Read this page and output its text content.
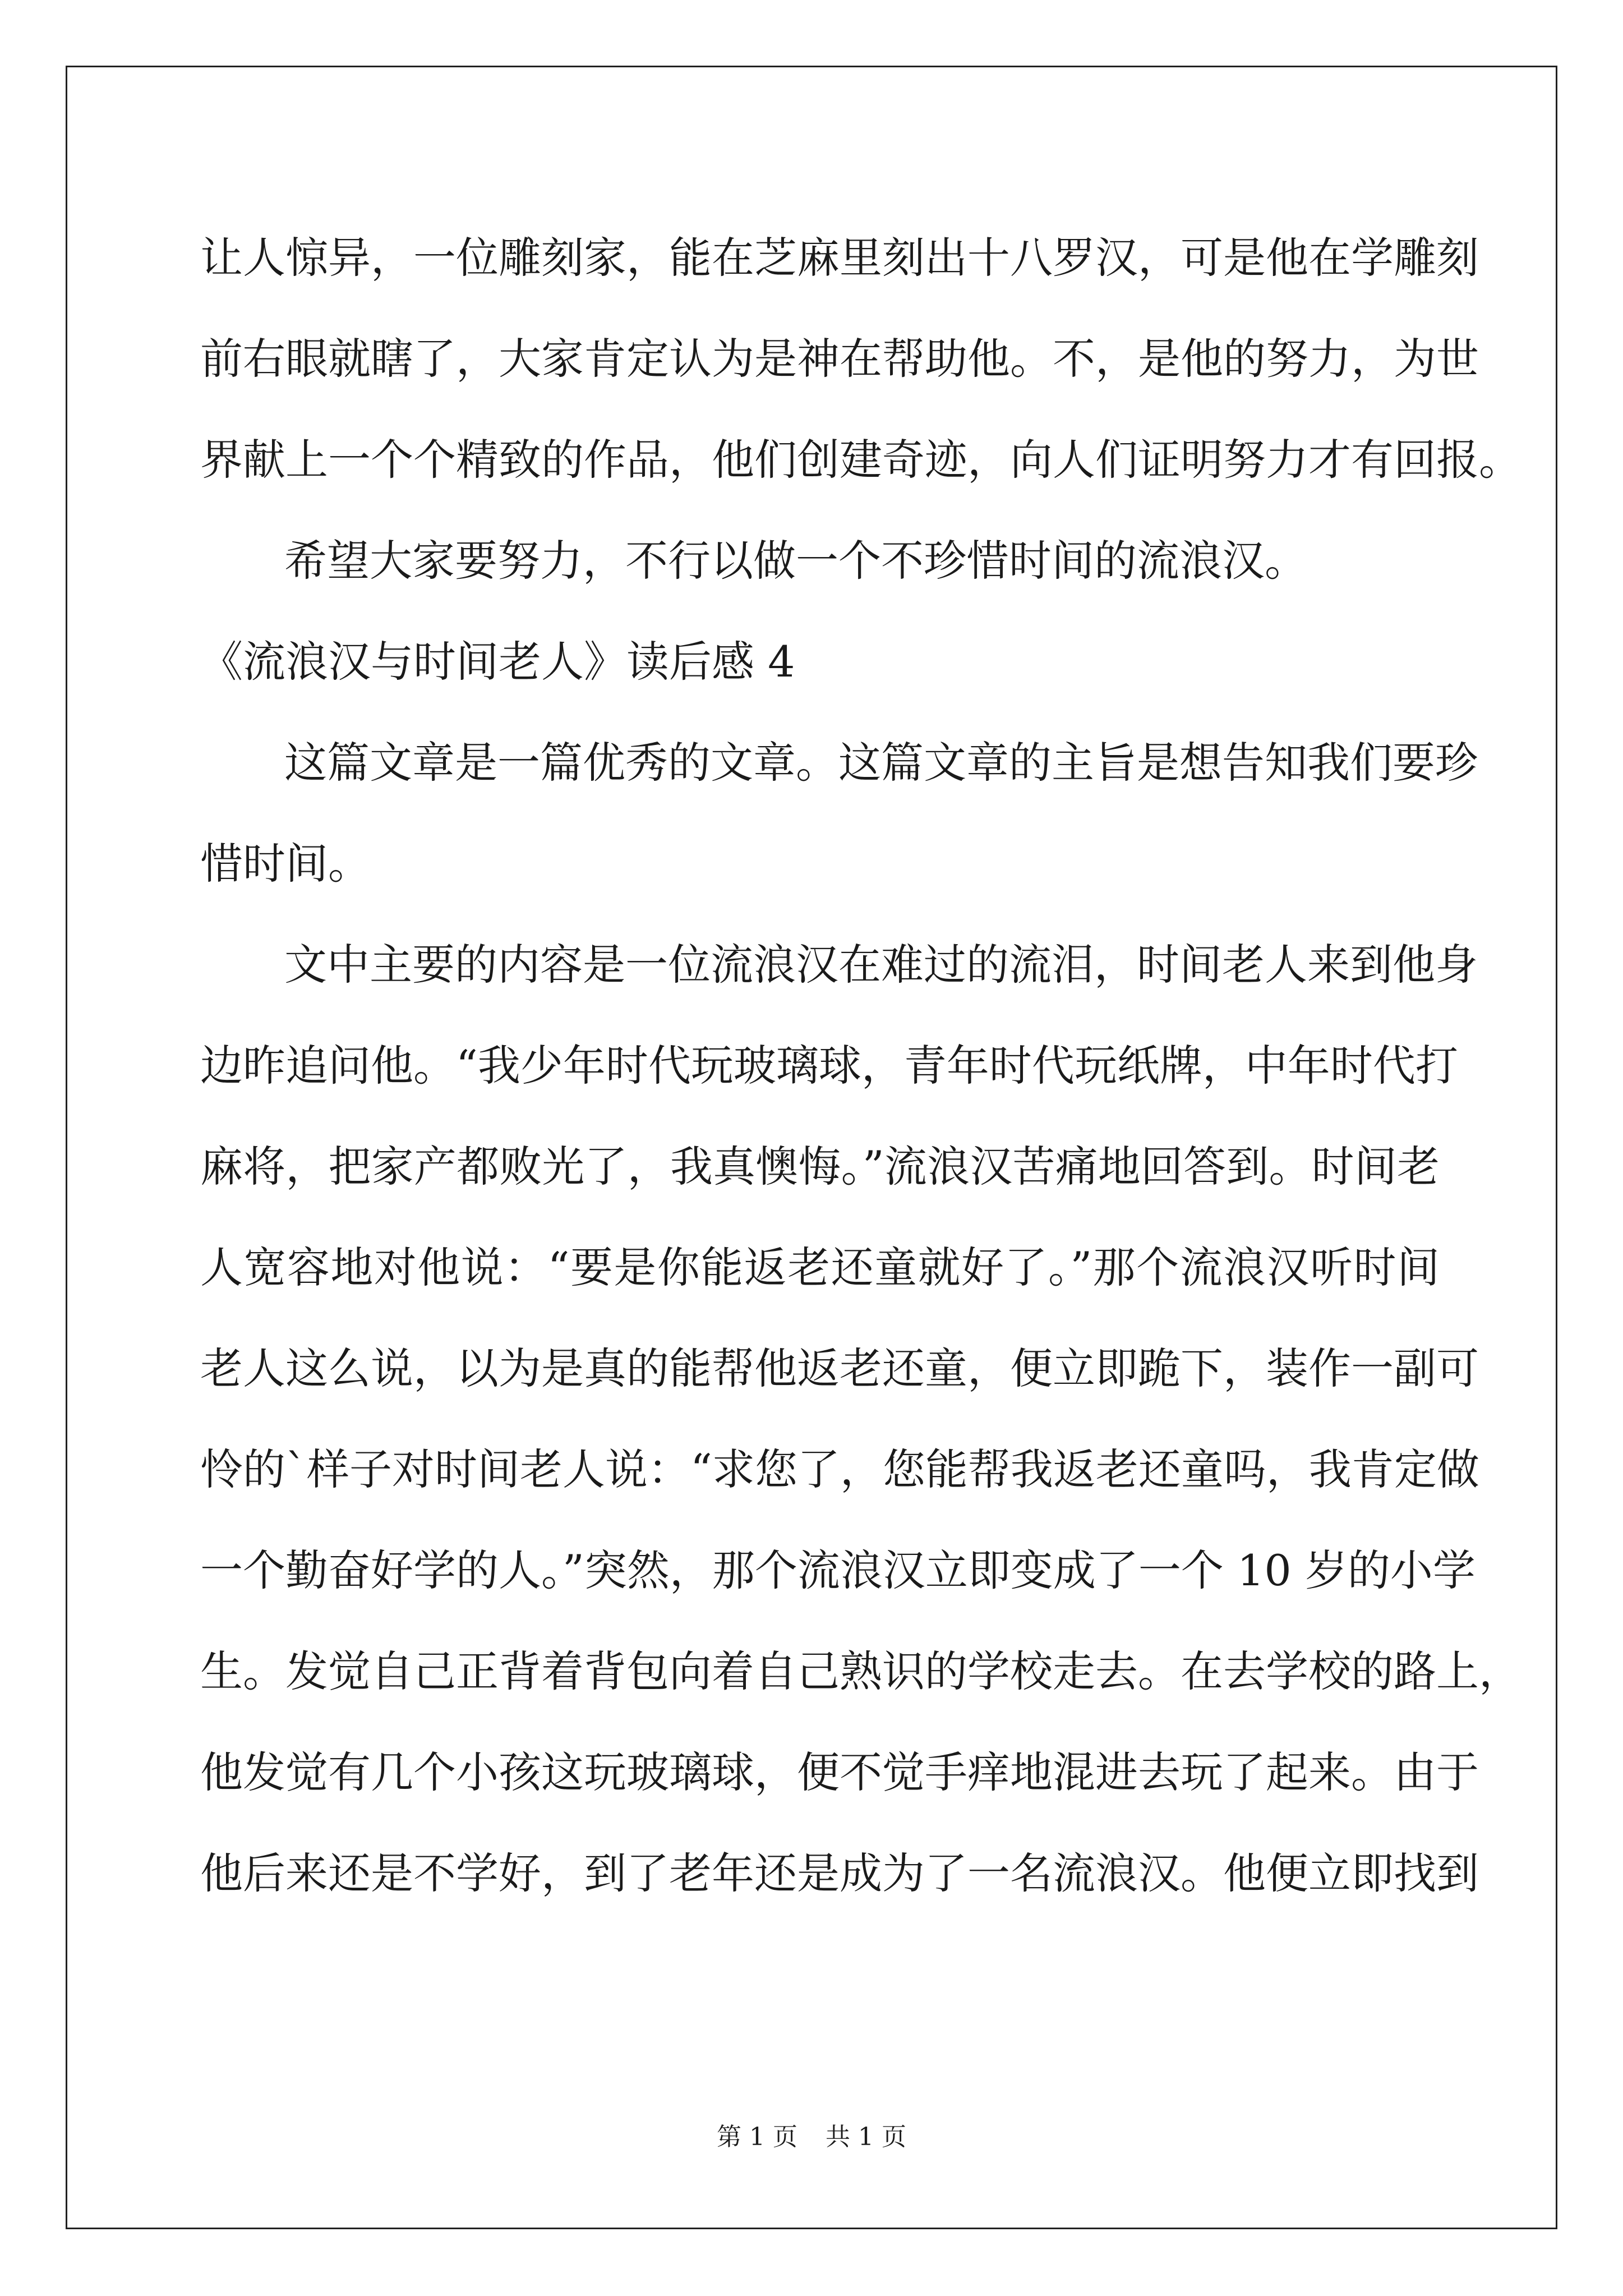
让人惊异，一位雕刻家，能在芝麻里刻出十八罗汉，可是他在学雕刻
前右眼就瞎了，大家肯定认为是神在帮助他。不，是他的努力，为世
界献上一个个精致的作品，他们创建奇迹，向人们证明努力才有回报。
希望大家要努力，不行以做一个不珍惜时间的流浪汉。
《流浪汉与时间老人》读后感 4
这篇文章是一篇优秀的文章。这篇文章的主旨是想告知我们要珍
惜时间。
文中主要的内容是一位流浪汉在难过的流泪，时间老人来到他身
边昨追问他。“我少年时代玩玻璃球，青年时代玩纸牌，中年时代打
麻将，把家产都败光了，我真懊悔。”流浪汉苦痛地回答到。时间老
人宽容地对他说：“要是你能返老还童就好了。”那个流浪汉听时间
老人这么说，以为是真的能帮他返老还童，便立即跪下，装作一副可
怜的`样子对时间老人说：“求您了，您能帮我返老还童吗，我肯定做
一个勤奋好学的人。”突然，那个流浪汉立即变成了一个 10 岁的小学
生。发觉自己正背着背包向着自己熟识的学校走去。在去学校的路上，
他发觉有几个小孩这玩玻璃球，便不觉手痒地混进去玩了起来。由于
他后来还是不学好，到了老年还是成为了一名流浪汉。他便立即找到
第 1 页 共 1 页
